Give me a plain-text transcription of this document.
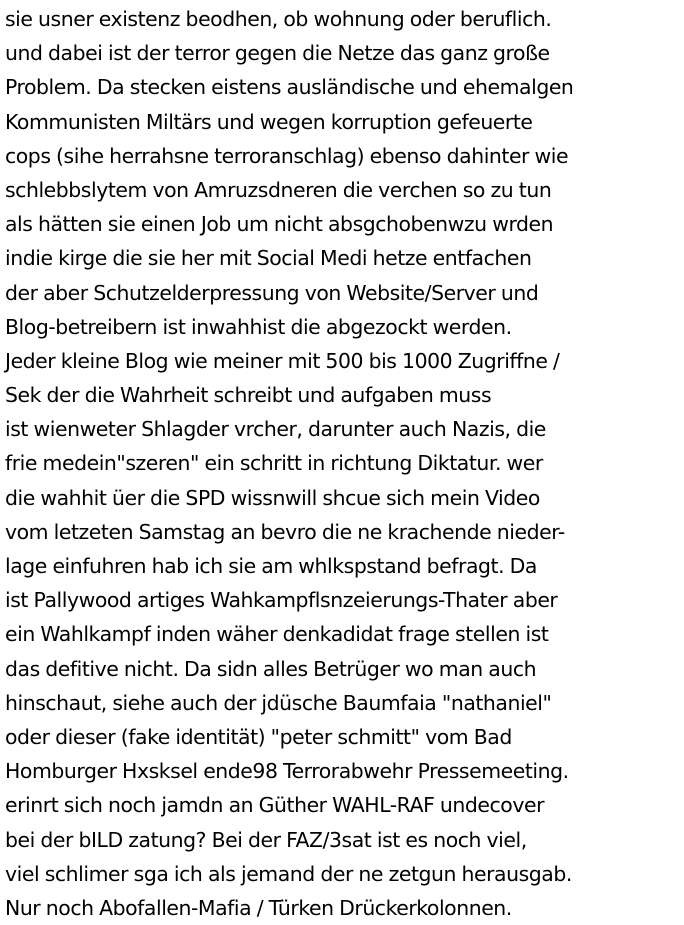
sie usner existenz beodhen, ob wohnung oder beruflich.
und dabei ist der terror gegen die Netze das ganz große
Problem. Da stecken eistens ausländische und ehemalgen
Kommunisten Miltärs und wegen korruption gefeuerte
cops (sihe herrahsne terroranschlag) ebenso dahinter wie
schlebbslytem von Amruzsdneren die verchen so zu tun
als hätten sie einen Job um nicht absgchobenwzu wrden
indie kirge die sie her mit Social Medi hetze entfachen
der aber Schutzelderpressung von Website/Server und
Blog-betreibern ist inwahhist die abgezockt werden.
Jeder kleine Blog wie meiner mit 500 bis 1000 Zugriffne /
Sek der die Wahrheit schreibt und aufgaben muss
ist wienweter Shlagder vrcher, darunter auch Nazis, die
frie medein"szeren" ein schritt in richtung Diktatur. wer
die wahhit üer die SPD wissnwill shcue sich mein Video
vom letzeten Samstag an bevro die ne krachende nieder-
lage einfuhren hab ich sie am whlkspstand befragt. Da
ist Pallywood artiges Wahkampflsnzeierungs-Thater aber
ein Wahlkampf inden wäher denkadidat frage stellen ist
das defitive nicht. Da sidn alles Betrüger wo man auch
hinschaut, siehe auch der jdüsche Baumfaia "nathaniel"
oder dieser (fake identität) "peter schmitt" vom Bad
Homburger Hxsksel ende98 Terrorabwehr Pressemeeting.
erinrt sich noch jamdn an Güther WAHL-RAF undecover
bei der bILD zatung? Bei der FAZ/3sat ist es noch viel,
viel schlimer sga ich als jemand der ne zetgun herausgab.
Nur noch Abofallen-Mafia / Türken Drückerkolonnen.
